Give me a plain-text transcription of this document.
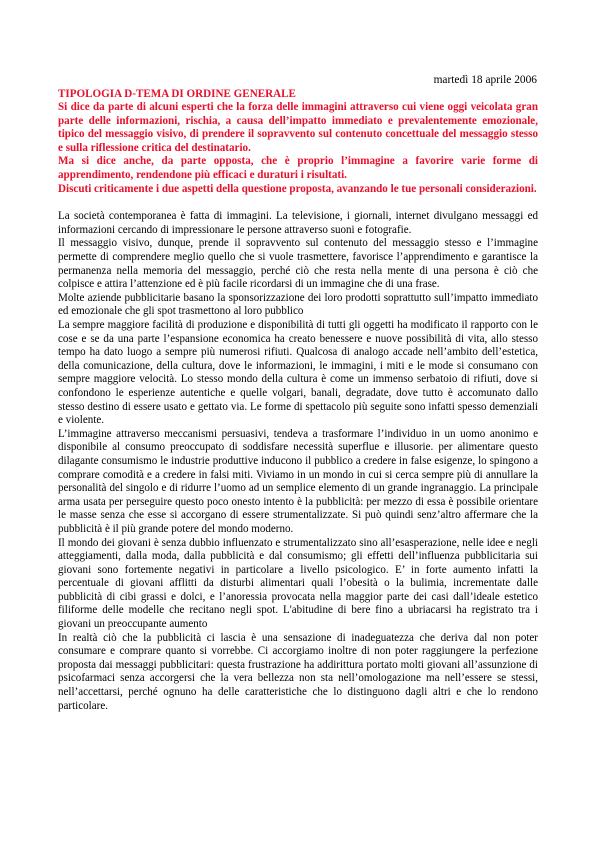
martedì 18 aprile 2006

TIPOLOGIA D-TEMA DI ORDINE GENERALE

Si dice da parte di alcuni esperti che la forza delle immagini attraverso cui viene oggi veicolata gran parte delle informazioni, rischia, a causa dell’impatto immediato e prevalentemente emozionale, tipico del messaggio visivo, di prendere il sopravvento sul contenuto concettuale del messaggio stesso e sulla riflessione critica del destinatario.

Ma si dice anche, da parte opposta, che è proprio l’immagine a favorire varie forme di apprendimento, rendendone più efficaci e duraturi i risultati.

Discuti criticamente i due aspetti della questione proposta, avanzando le tue personali considerazioni.

La società contemporanea è fatta di immagini. La televisione, i giornali, internet divulgano messaggi ed informazioni cercando di impressionare le persone attraverso suoni e fotografie.

Il messaggio visivo, dunque, prende il sopravvento sul contenuto del messaggio stesso e l’immagine permette di comprendere meglio quello che si vuole trasmettere, favorisce l’apprendimento e garantisce la permanenza nella memoria del messaggio, perché ciò che resta nella mente di una persona è ciò che colpisce e attira l’attenzione ed è più facile ricordarsi di un immagine che di una frase.

Molte aziende pubblicitarie basano la sponsorizzazione dei loro prodotti soprattutto sull’impatto immediato ed emozionale che gli spot trasmettono al loro pubblico

La sempre maggiore facilità di produzione e disponibilità di tutti gli oggetti ha modificato il rapporto con le cose e se da una parte l’espansione economica ha creato benessere e nuove possibilità di vita, allo stesso tempo ha dato luogo a sempre più numerosi rifiuti. Qualcosa di analogo accade nell’ambito dell’estetica, della comunicazione, della cultura, dove le informazioni, le immagini, i miti e le mode si consumano con sempre maggiore velocità. Lo stesso mondo della cultura è come un immenso serbatoio di rifiuti, dove si confondono le esperienze autentiche e quelle volgari, banali, degradate, dove tutto è accomunato dallo stesso destino di essere usato e gettato via. Le forme di spettacolo più seguite sono infatti spesso demenziali e violente.

L’immagine attraverso meccanismi persuasivi, tendeva a trasformare l’individuo in un uomo anonimo e disponibile al consumo preoccupato di soddisfare necessità superflue e illusorie. per alimentare questo dilagante consumismo le industrie produttive inducono il pubblico a credere in false esigenze, lo spingono a comprare comodità e a credere in falsi miti. Viviamo in un mondo in cui si cerca sempre più di annullare la personalità del singolo e di ridurre l’uomo ad un semplice elemento di un grande ingranaggio. La principale arma usata per perseguire questo poco onesto intento è la pubblicità: per mezzo di essa è possibile orientare le masse senza che esse si accorgano di essere strumentalizzate. Si può quindi senz’altro affermare che la pubblicità è il più grande potere del mondo moderno.

Il mondo dei giovani è senza dubbio influenzato e strumentalizzato sino all’esasperazione, nelle idee e negli atteggiamenti, dalla moda, dalla pubblicità e dal consumismo; gli effetti dell’influenza pubblicitaria sui giovani sono fortemente negativi in particolare a livello psicologico. E’ in forte aumento infatti la percentuale di giovani afflitti da disturbi alimentari quali l’obesità o la bulimia, incrementate dalle pubblicità di cibi grassi e dolci, e l’anoressia provocata nella maggior parte dei casi dall’ideale estetico filiforme delle modelle che recitano negli spot. L'abitudine di bere fino a ubriacarsi ha registrato tra i giovani un preoccupante aumento

In realtà ciò che la pubblicità ci lascia è una sensazione di inadeguatezza che deriva dal non poter consumare e comprare quanto si vorrebbe. Ci accorgiamo inoltre di non poter raggiungere la perfezione proposta dai messaggi pubblicitari: questa frustrazione ha addirittura portato molti giovani all’assunzione di psicofarmaci senza accorgersi che la vera bellezza non sta nell’omologazione ma nell’essere se stessi, nell’accettarsi, perché ognuno ha delle caratteristiche che lo distinguono dagli altri e che lo rendono particolare.
